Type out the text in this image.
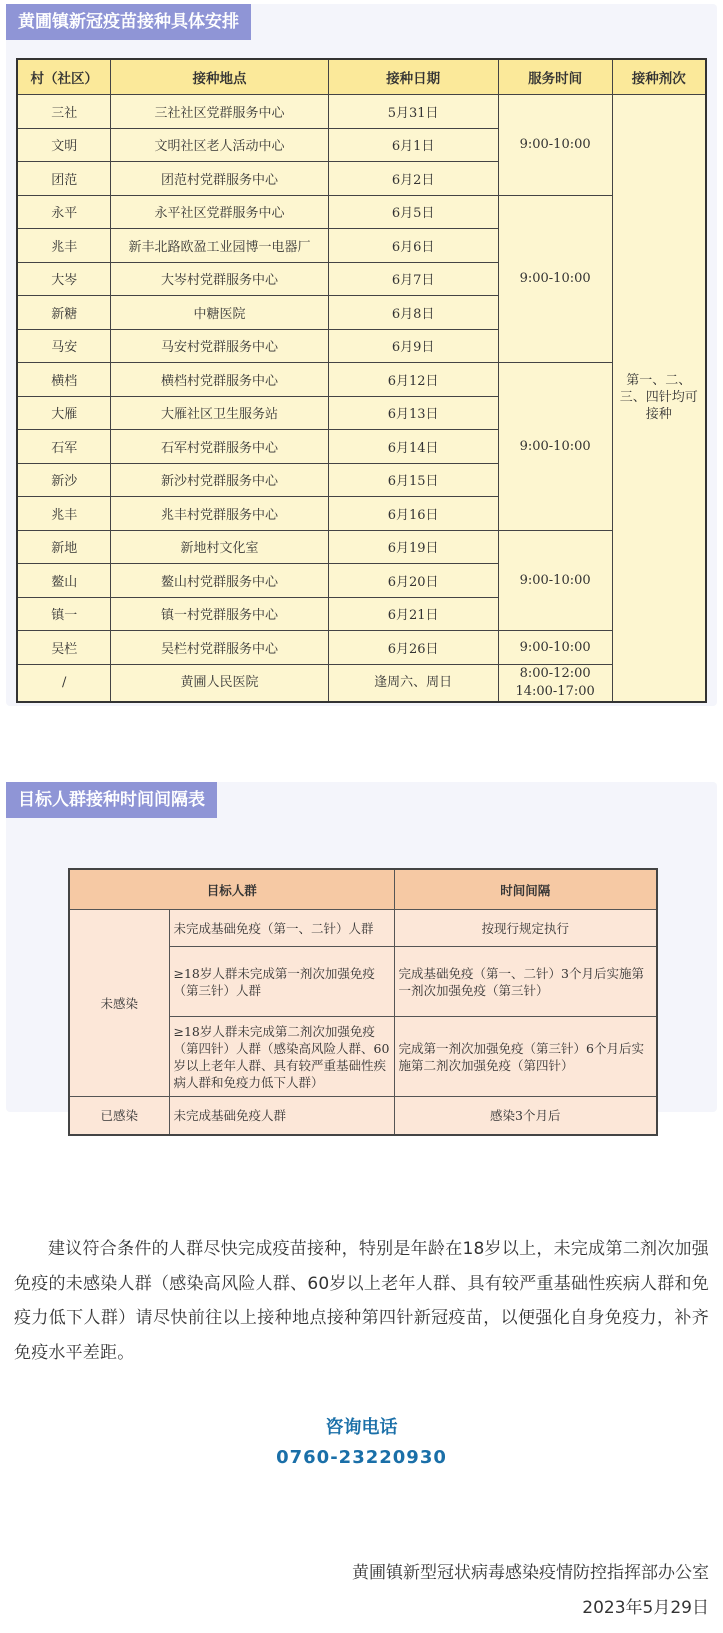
黄圃镇新冠疫苗接种具体安排
村（社区）	接种地点	接种日期	服务时间	接种剂次
三社	三社社区党群服务中心	5月31日	9:00-10:00	第一、二、三、四针均可接种
文明	文明社区老人活动中心	6月1日		
团范	团范村党群服务中心	6月2日		
永平	永平社区党群服务中心	6月5日	9:00-10:00	
兆丰	新丰北路欧盈工业园博一电器厂	6月6日		
大岑	大岑村党群服务中心	6月7日		
新糖	中糖医院	6月8日		
马安	马安村党群服务中心	6月9日		
横档	横档村党群服务中心	6月12日	9:00-10:00	
大雁	大雁社区卫生服务站	6月13日		
石军	石军村党群服务中心	6月14日		
新沙	新沙村党群服务中心	6月15日		
兆丰	兆丰村党群服务中心	6月16日		
新地	新地村文化室	6月19日	9:00-10:00	
鳌山	鳌山村党群服务中心	6月20日		
镇一	镇一村党群服务中心	6月21日		
吴栏	吴栏村党群服务中心	6月26日	9:00-10:00	
/	黄圃人民医院	逢周六、周日	8:00-12:00
14:00-17:00	
目标人群接种时间间隔表
目标人群		时间间隔
未感染	未完成基础免疫（第一、二针）人群	按现行规定执行
	≥18岁人群未完成第一剂次加强免疫（第三针）人群	完成基础免疫（第一、二针）3个月后实施第一剂次加强免疫（第三针）
	≥18岁人群未完成第二剂次加强免疫（第四针）人群（感染高风险人群、60岁以上老年人群、具有较严重基础性疾病人群和免疫力低下人群）	完成第一剂次加强免疫（第三针）6个月后实施第二剂次加强免疫（第四针）
已感染	未完成基础免疫人群	感染3个月后
建议符合条件的人群尽快完成疫苗接种，特别是年龄在18岁以上，未完成第二剂次加强免疫的未感染人群（感染高风险人群、60岁以上老年人群、具有较严重基础性疾病人群和免疫力低下人群）请尽快前往以上接种地点接种第四针新冠疫苗，以便强化自身免疫力，补齐免疫水平差距。
咨询电话
0760-23220930
黄圃镇新型冠状病毒感染疫情防控指挥部办公室
2023年5月29日
